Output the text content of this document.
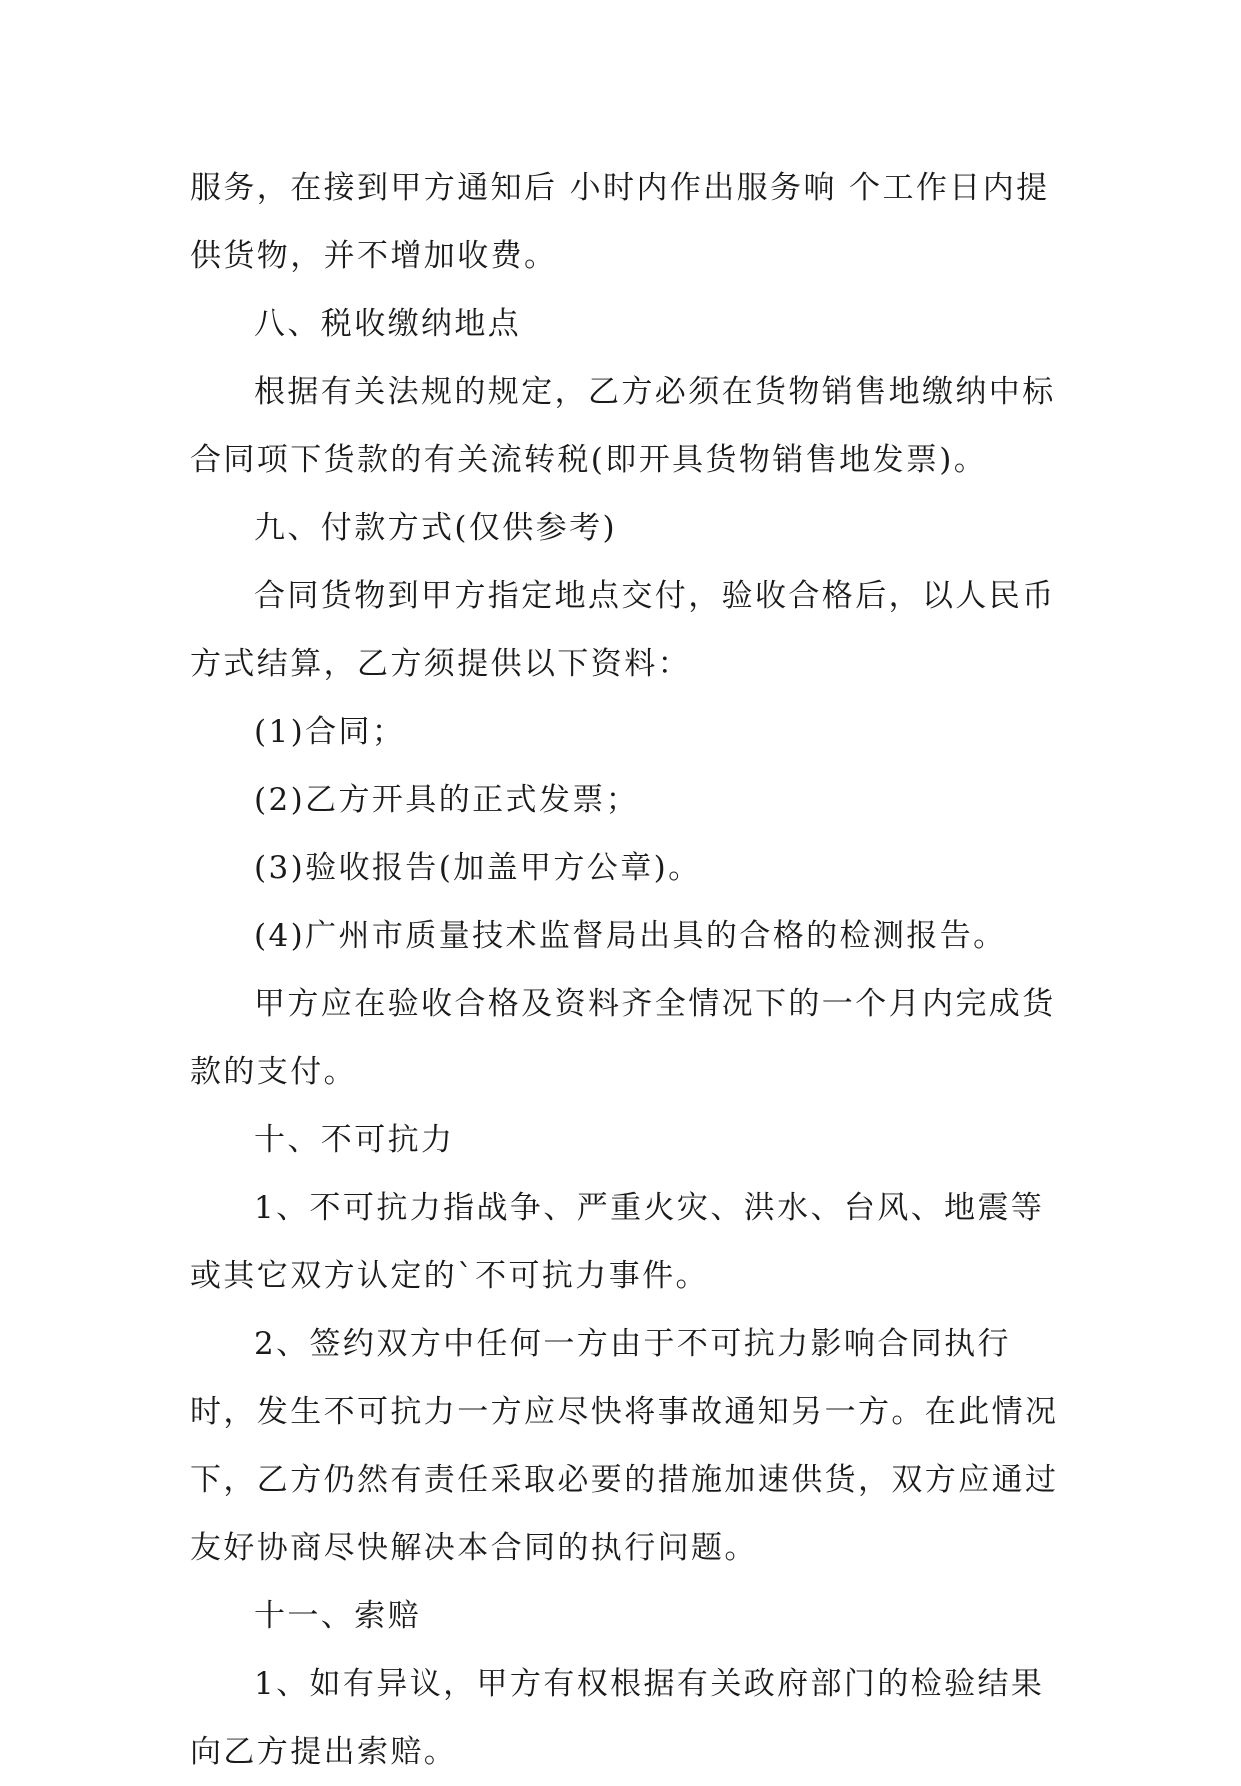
服务，在接到甲方通知后 小时内作出服务响 个工作日内提供货物，并不增加收费。

八、税收缴纳地点

根据有关法规的规定，乙方必须在货物销售地缴纳中标合同项下货款的有关流转税(即开具货物销售地发票)。

九、付款方式(仅供参考)

合同货物到甲方指定地点交付，验收合格后，以人民币方式结算，乙方须提供以下资料：

(1)合同；

(2)乙方开具的正式发票；

(3)验收报告(加盖甲方公章)。

(4)广州市质量技术监督局出具的合格的检测报告。

甲方应在验收合格及资料齐全情况下的一个月内完成货款的支付。

十、不可抗力

1、不可抗力指战争、严重火灾、洪水、台风、地震等或其它双方认定的`不可抗力事件。

2、签约双方中任何一方由于不可抗力影响合同执行时，发生不可抗力一方应尽快将事故通知另一方。在此情况下，乙方仍然有责任采取必要的措施加速供货，双方应通过友好协商尽快解决本合同的执行问题。

十一、索赔

1、如有异议，甲方有权根据有关政府部门的检验结果向乙方提出索赔。
